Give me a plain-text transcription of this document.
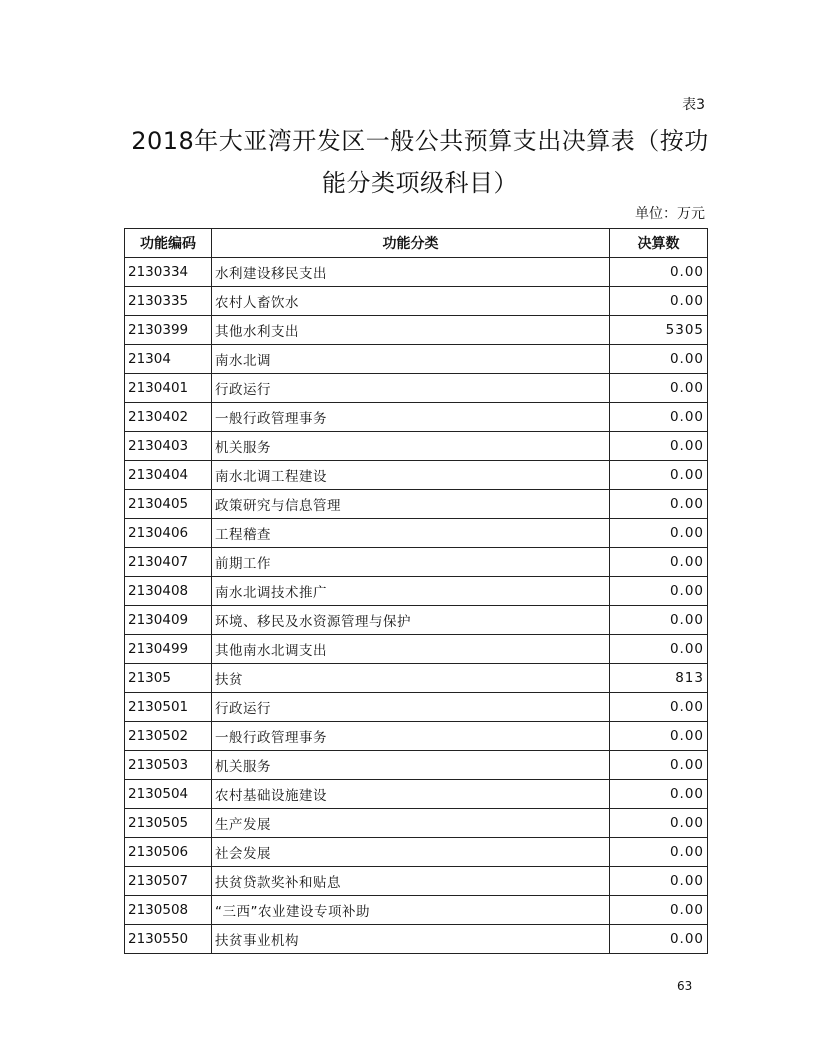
表3
2018年大亚湾开发区一般公共预算支出决算表（按功
能分类项级科目）
单位：万元
功能编码	功能分类	决算数
2130334	水利建设移民支出	0.00
2130335	农村人畜饮水	0.00
2130399	其他水利支出	5305
21304	南水北调	0.00
2130401	行政运行	0.00
2130402	一般行政管理事务	0.00
2130403	机关服务	0.00
2130404	南水北调工程建设	0.00
2130405	政策研究与信息管理	0.00
2130406	工程稽查	0.00
2130407	前期工作	0.00
2130408	南水北调技术推广	0.00
2130409	环境、移民及水资源管理与保护	0.00
2130499	其他南水北调支出	0.00
21305	扶贫	813
2130501	行政运行	0.00
2130502	一般行政管理事务	0.00
2130503	机关服务	0.00
2130504	农村基础设施建设	0.00
2130505	生产发展	0.00
2130506	社会发展	0.00
2130507	扶贫贷款奖补和贴息	0.00
2130508	“三西”农业建设专项补助	0.00
2130550	扶贫事业机构	0.00
63
